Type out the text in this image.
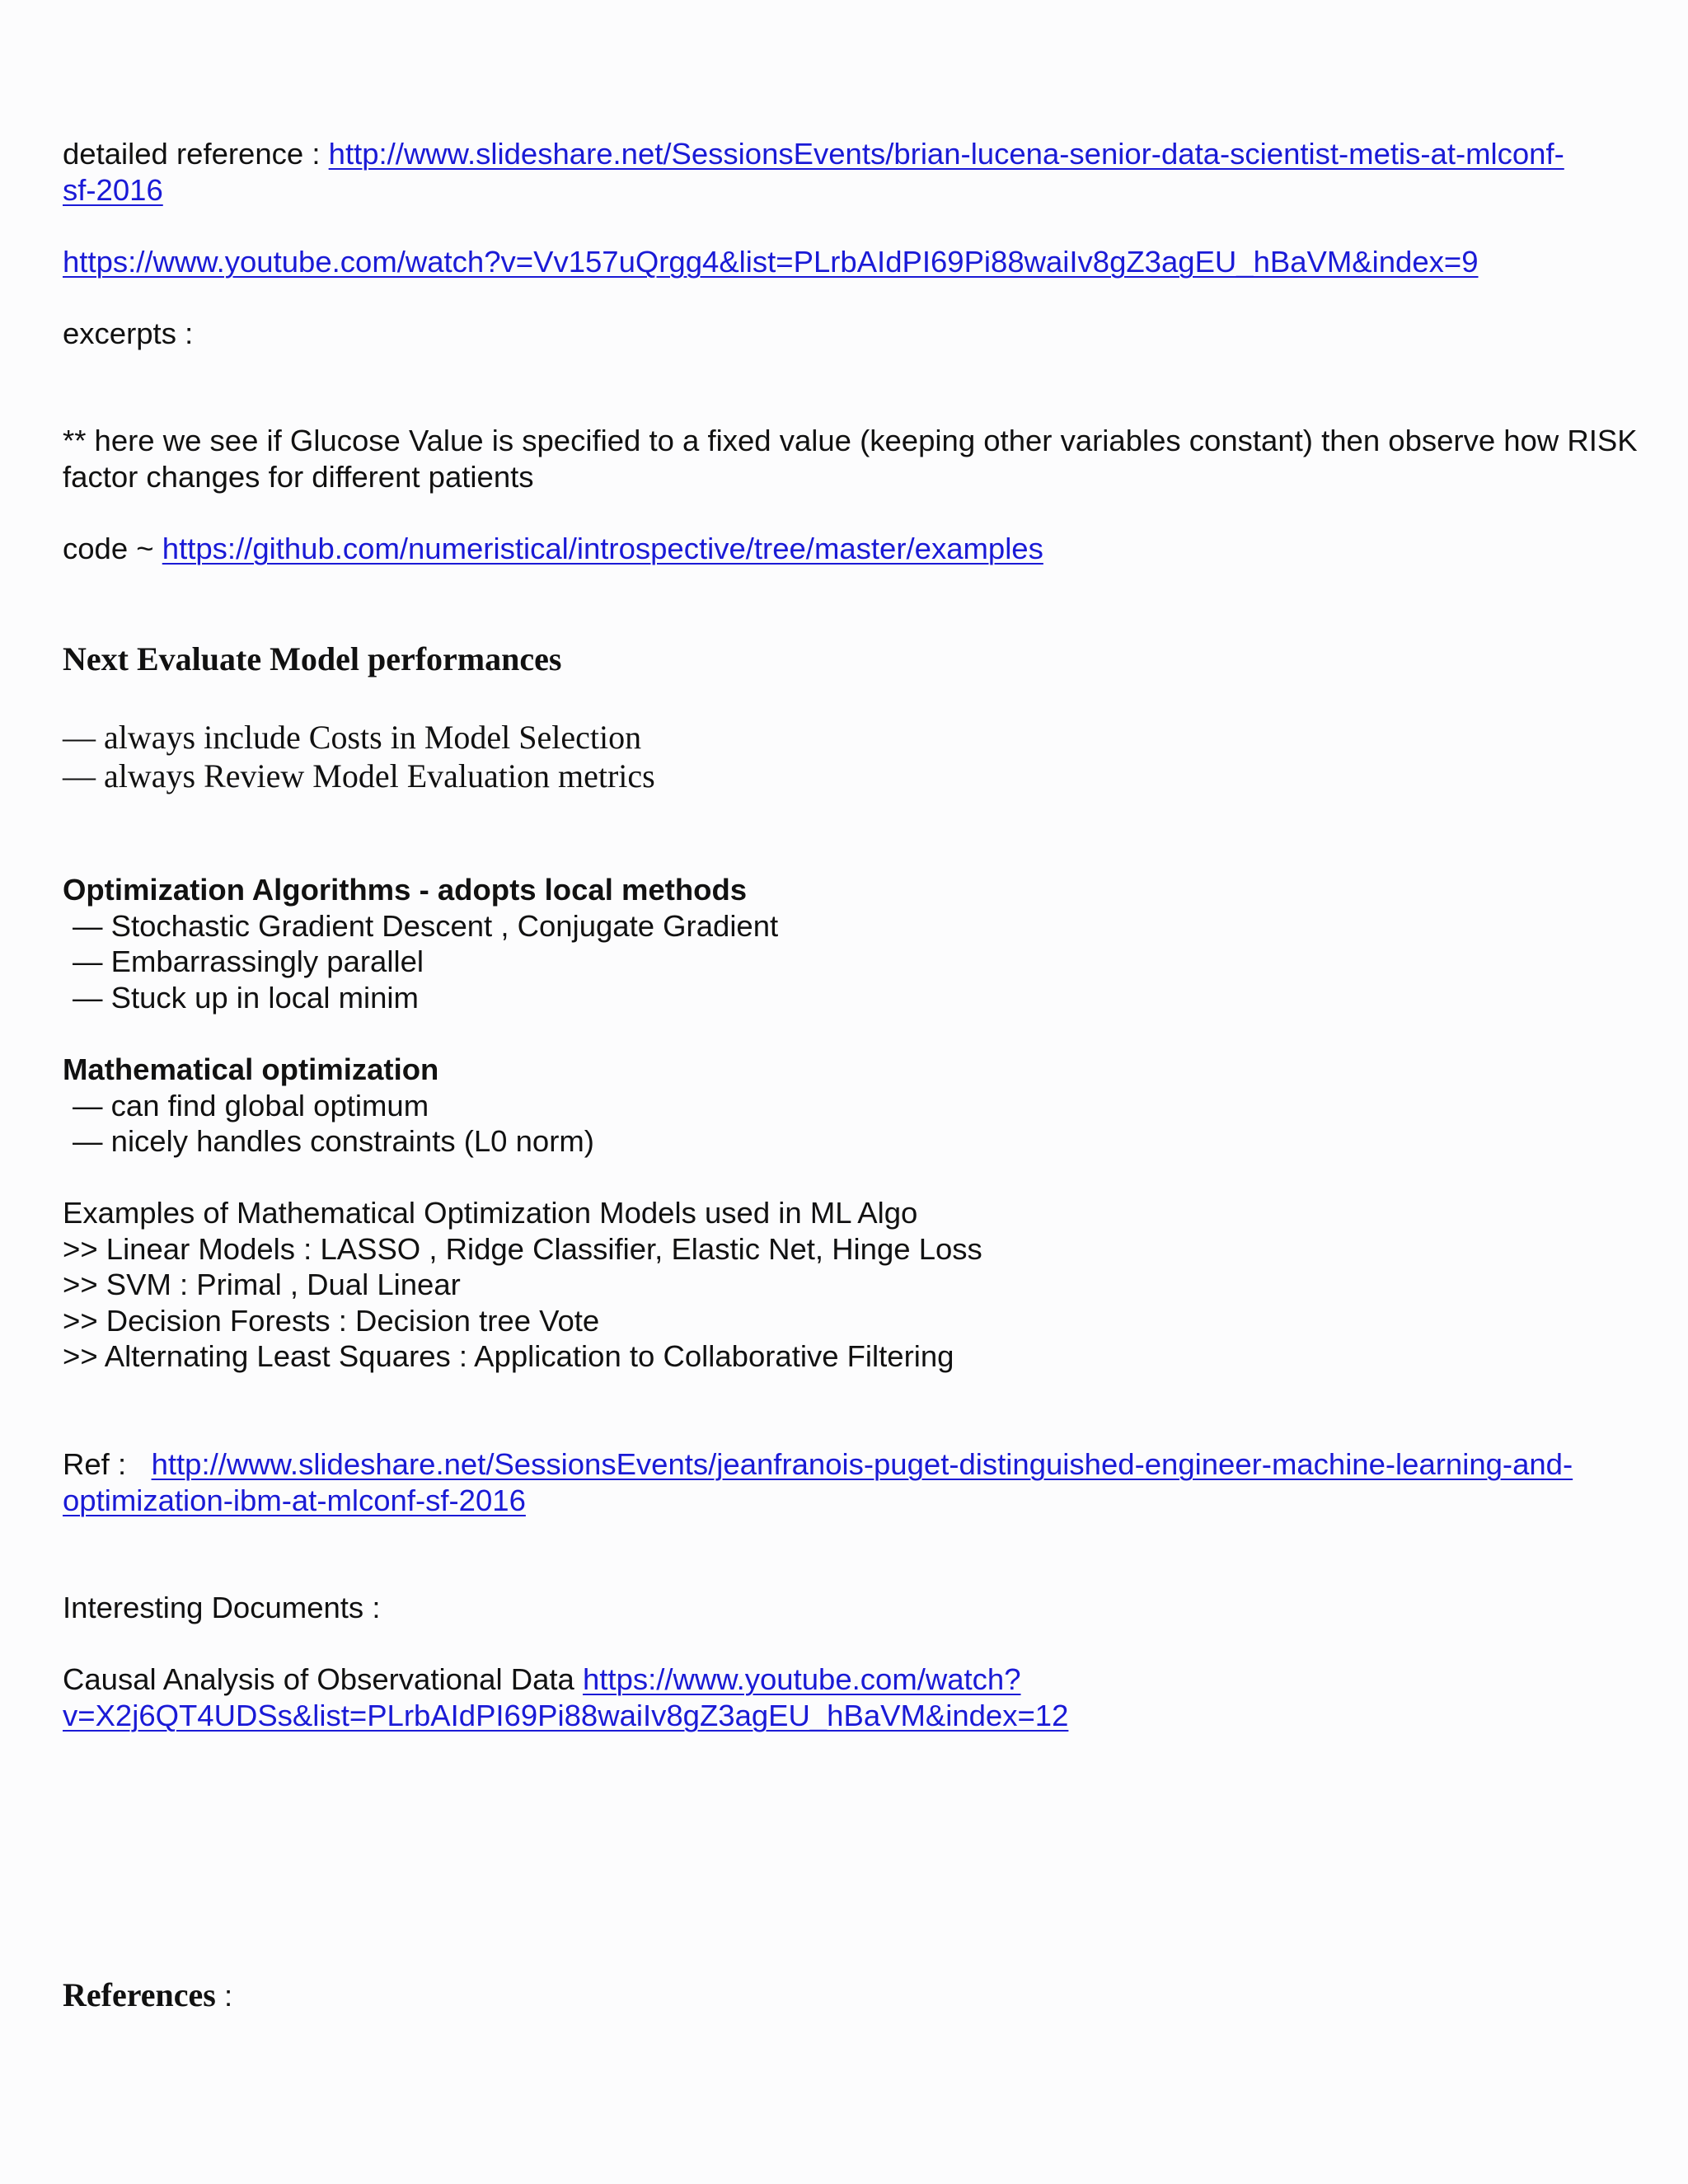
detailed reference : http://www.slideshare.net/SessionsEvents/brian-lucena-senior-data-scientist-metis-at-mlconf-
sf-2016
https://www.youtube.com/watch?v=Vv157uQrgg4&list=PLrbAIdPI69Pi88waiIv8gZ3agEU_hBaVM&index=9
excerpts :
** here we see if Glucose Value is specified to a fixed value (keeping other variables constant) then observe how RISK
factor changes for different patients
code ~ https://github.com/numeristical/introspective/tree/master/examples
Next Evaluate Model performances
— always include Costs in Model Selection
— always Review Model Evaluation metrics
Optimization Algorithms - adopts local methods
— Stochastic Gradient Descent , Conjugate Gradient
— Embarrassingly parallel
— Stuck up in local minim
Mathematical optimization
— can find global optimum
— nicely handles constraints (L0 norm)
Examples of Mathematical Optimization Models used in ML Algo
>> Linear Models : LASSO , Ridge Classifier, Elastic Net, Hinge Loss
>> SVM : Primal , Dual Linear
>> Decision Forests : Decision tree Vote
>> Alternating Least Squares : Application to Collaborative Filtering
Ref : http://www.slideshare.net/SessionsEvents/jeanfranois-puget-distinguished-engineer-machine-learning-and-
optimization-ibm-at-mlconf-sf-2016
Interesting Documents :
Causal Analysis of Observational Data https://www.youtube.com/watch?
v=X2j6QT4UDSs&list=PLrbAIdPI69Pi88waiIv8gZ3agEU_hBaVM&index=12
References :
